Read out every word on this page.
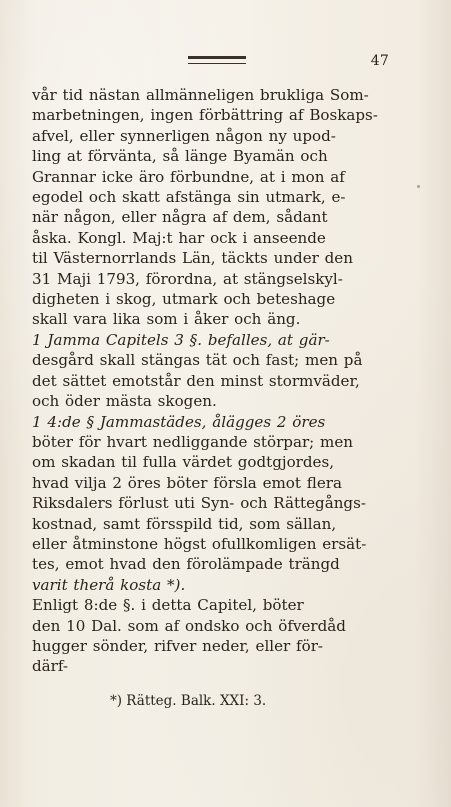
47
vår tid nästan allmänneligen brukliga Som-
marbetningen, ingen förbättring af Boskaps-
afvel, eller synnerligen någon ny upod-
ling at förvänta, så länge Byamän och
Grannar icke äro förbundne, at i mon af
egodel och skatt afstänga sin utmark, e-
när någon, eller några af dem, sådant
åska. Kongl. Maj:t har ock i anseende
til Västernorrlands Län, täckts under den
31 Maji 1793, förordna, at stängselskyl-
digheten i skog, utmark och beteshage
skall vara lika som i åker och äng.
1 Jamma Capitels 3 §. befalles, at gär-
desgård skall stängas tät och fast; men på
det sättet emotstår den minst stormväder,
och öder mästa skogen.
1 4:de § Jammastädes, ålägges 2 öres
böter för hvart nedliggande störpar; men
om skadan til fulla värdet godtgjordes,
hvad vilja 2 öres böter försla emot flera
Riksdalers förlust uti Syn- och Rättegångs-
kostnad, samt försspild tid, som sällan,
eller åtminstone högst ofullkomligen ersät-
tes, emot hvad den förolämpade trängd
varit therå kosta *).
Enligt 8:de §. i detta Capitel, böter
den 10 Dal. som af ondsko och öfverdåd
hugger sönder, rifver neder, eller för-
därf-
*) Rätteg. Balk. XXI: 3.
